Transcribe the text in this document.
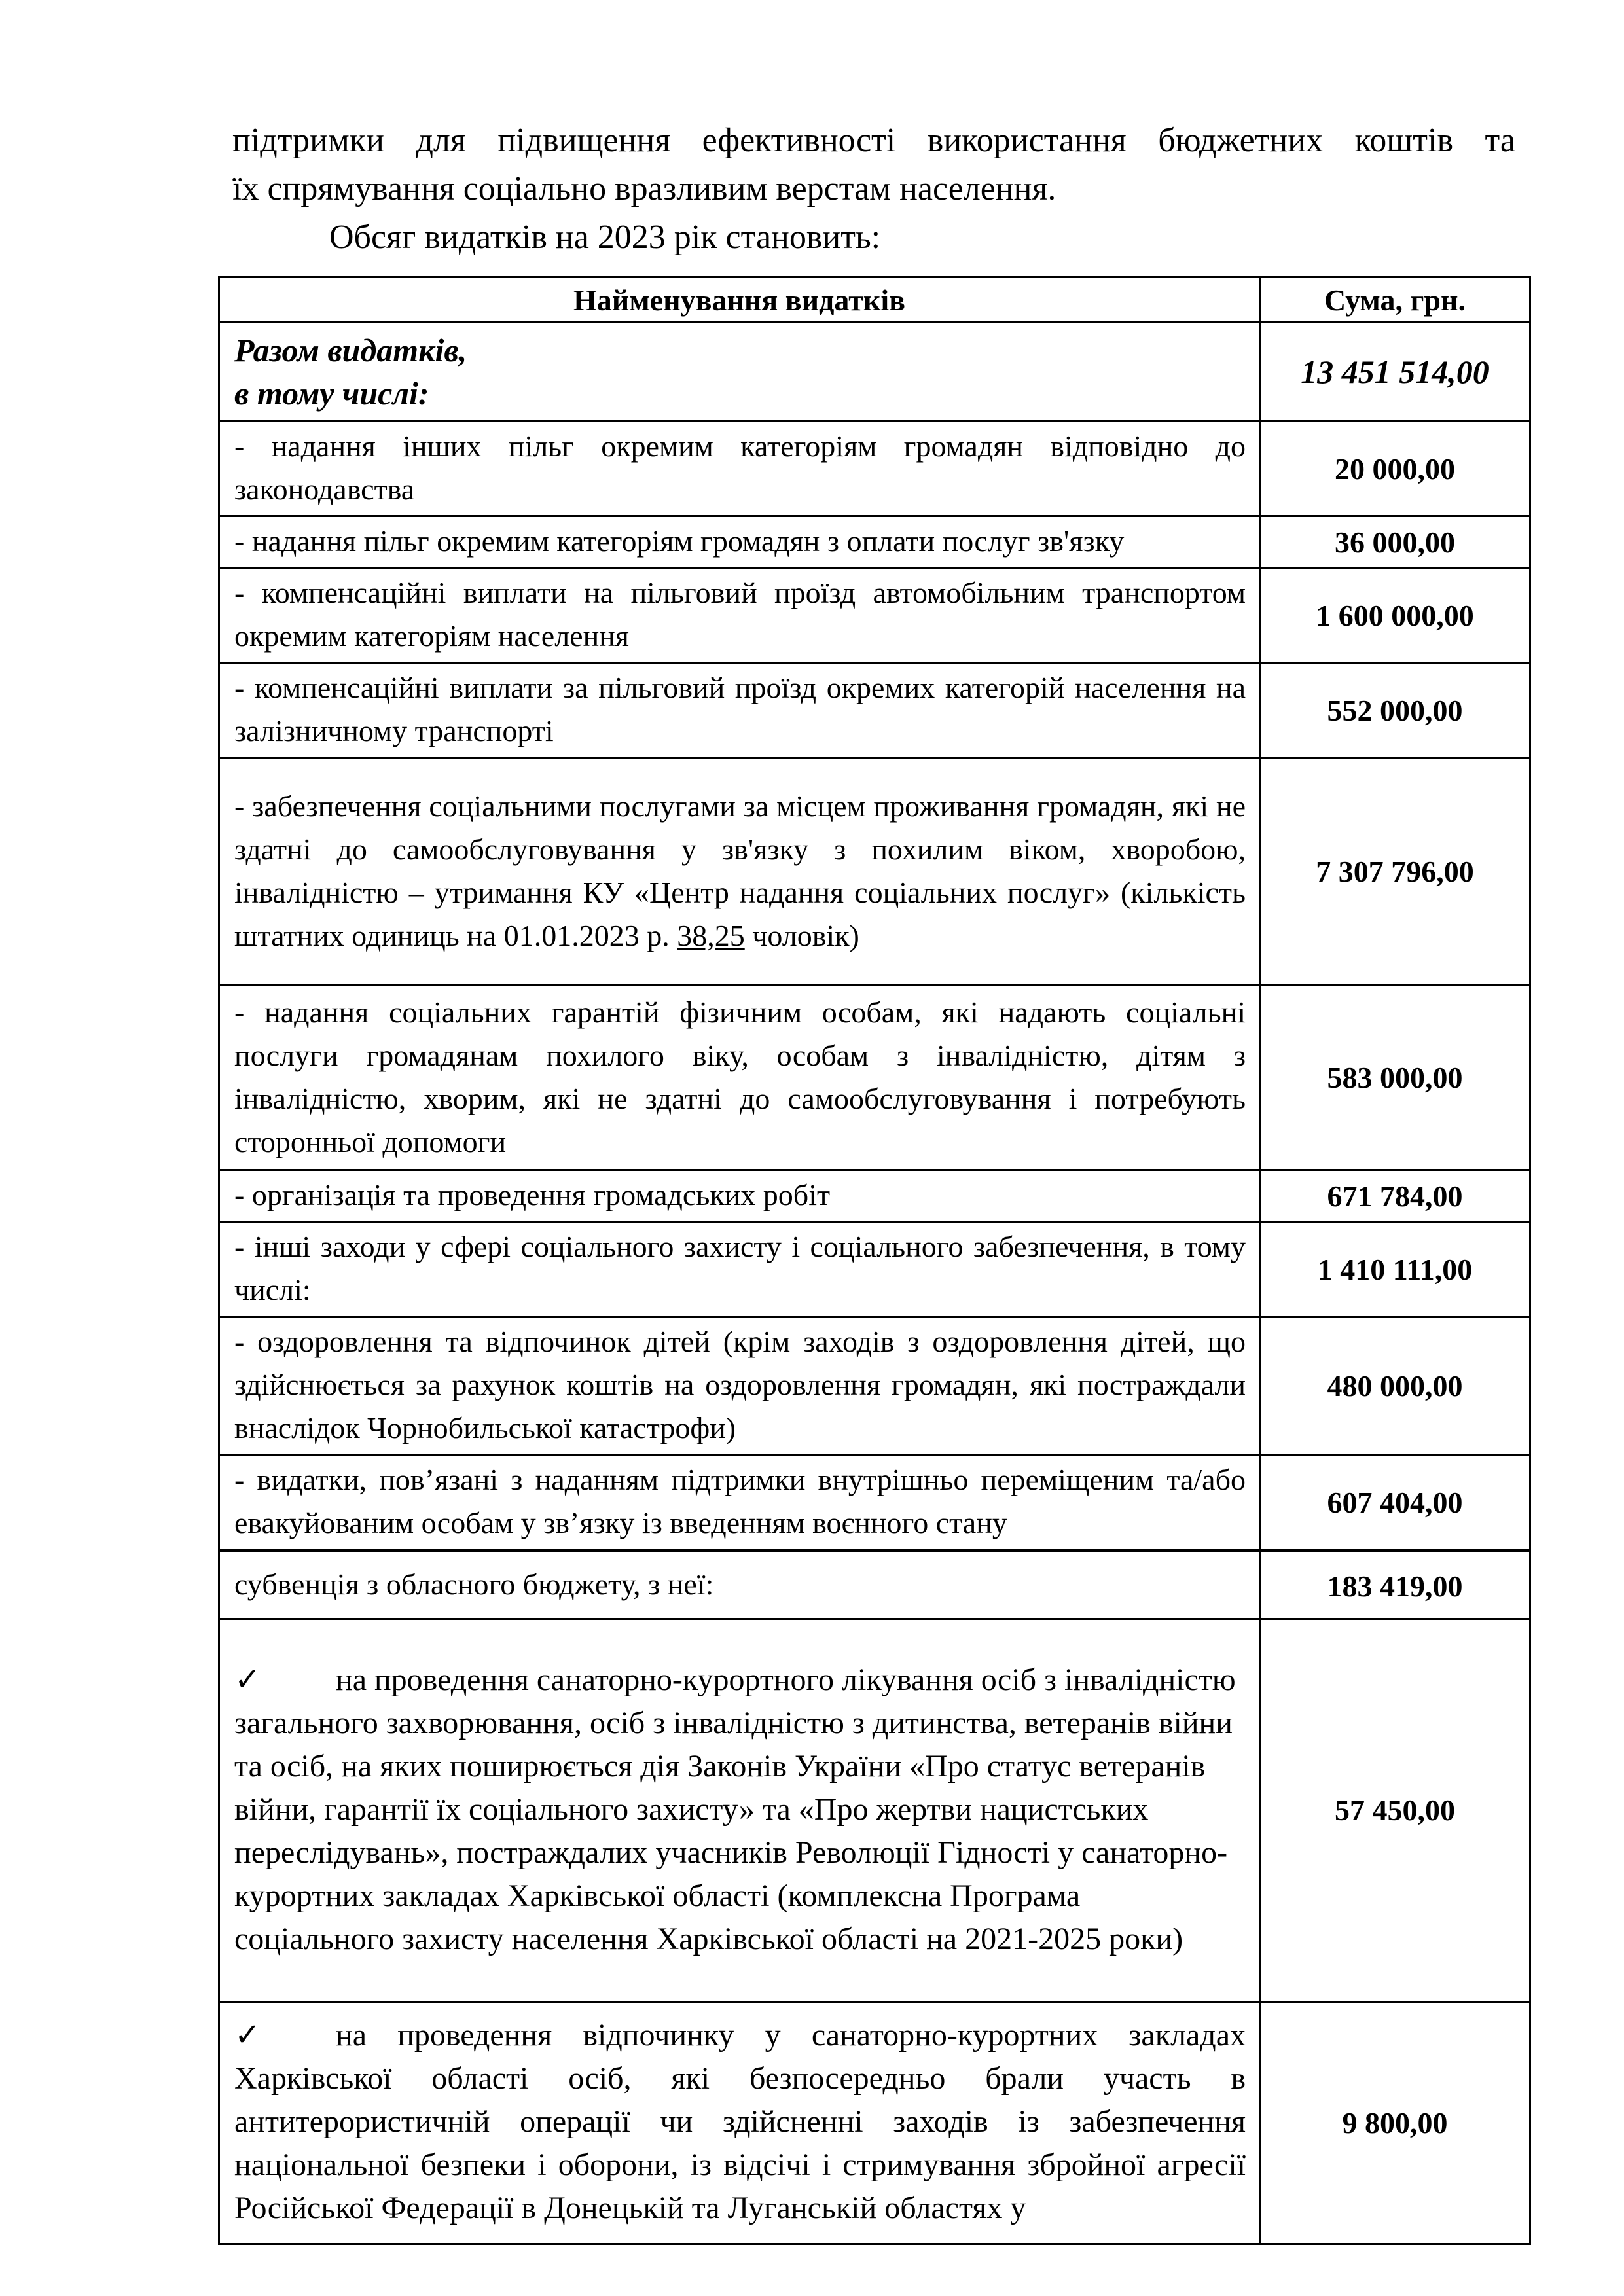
підтримки для підвищення ефективності використання бюджетних коштів та

їх спрямування соціально вразливим верстам населення.

Обсяг видатків на 2023 рік становить:

Найменування видатків	Сума, грн.

Разом видатків,
в тому числі:	13 451 514,00
- надання інших пільг окремим категоріям громадян відповідно до законодавства	20 000,00
- надання пільг окремим категоріям громадян з оплати послуг зв'язку	36 000,00
- компенсаційні виплати на пільговий проїзд автомобільним транспортом окремим категоріям населення	1 600 000,00
- компенсаційні виплати за пільговий проїзд окремих категорій населення на залізничному транспорті	552 000,00
- забезпечення соціальними послугами за місцем проживання громадян, які не здатні до самообслуговування у зв'язку з похилим віком, хворобою, інвалідністю – утримання КУ «Центр надання соціальних послуг» (кількість штатних одиниць на 01.01.2023 р. 38,25 чоловік)	7 307 796,00
- надання соціальних гарантій фізичним особам, які надають соціальні послуги громадянам похилого віку, особам з інвалідністю, дітям з інвалідністю, хворим, які не здатні до самообслуговування і потребують сторонньої допомоги	583 000,00
- організація та проведення громадських робіт	671 784,00
- інші заходи у сфері соціального захисту і соціального забезпечення, в тому числі:	1 410 111,00
- оздоровлення та відпочинок дітей (крім заходів з оздоровлення дітей, що здійснюється за рахунок коштів на оздоровлення громадян, які постраждали внаслідок Чорнобильської катастрофи)	480 000,00
- видатки, пов’язані з наданням підтримки внутрішньо переміщеним та/або евакуйованим особам у зв’язку із введенням воєнного стану	607 404,00
субвенція з обласного бюджету, з неї:	183 419,00
✓ на проведення санаторно-курортного лікування осіб з інвалідністю загального захворювання, осіб з інвалідністю з дитинства, ветеранів війни та осіб, на яких поширюється дія Законів України «Про статус ветеранів війни, гарантії їх соціального захисту» та «Про жертви нацистських переслідувань», постраждалих учасників Революції Гідності у санаторно-курортних закладах Харківської області (комплексна Програма соціального захисту населення Харківської області на 2021-2025 роки)	57 450,00
✓ на проведення відпочинку у санаторно-курортних закладах Харківської області осіб, які безпосередньо брали участь в антитерористичній операції чи здійсненні заходів із забезпечення національної безпеки і оборони, із відсічі і стримування збройної агресії Російської Федерації в Донецькій та Луганській областях у	9 800,00
